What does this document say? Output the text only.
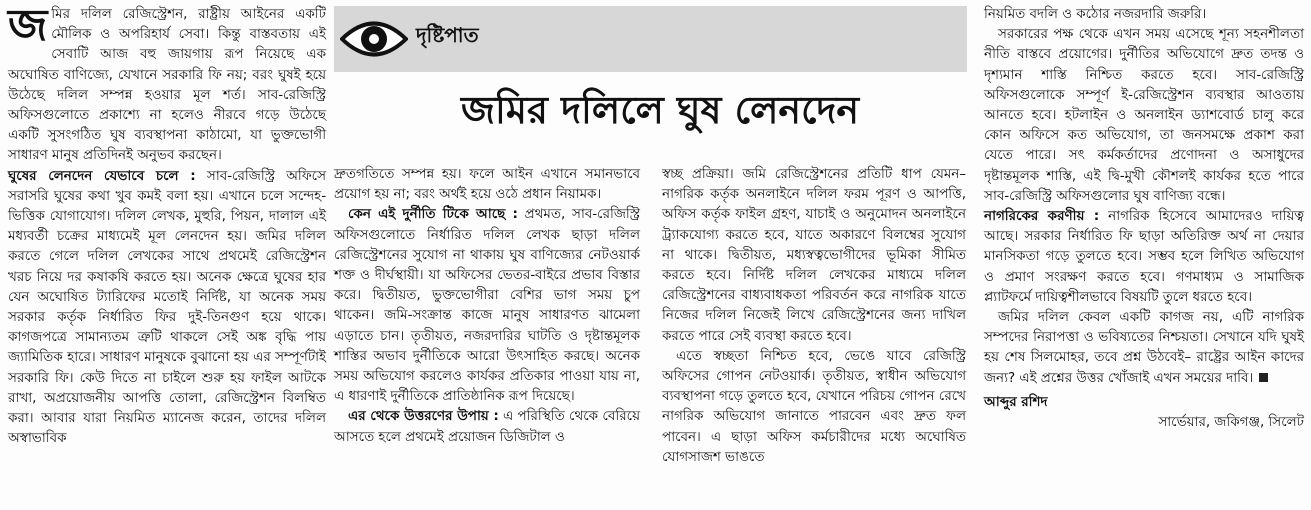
জমির দলিল রেজিস্ট্রেশন, রাষ্ট্রীয় আইনের একটি মৌলিক ও অপরিহার্য সেবা। কিন্তু বাস্তবতায় এই সেবাটি আজ বহু জায়গায় রূপ নিয়েছে এক অঘোষিত বাণিজ্যে, যেখানে সরকারি ফি নয়; বরং ঘুষই হয়ে উঠেছে দলিল সম্পন্ন হওয়ার মূল শর্ত। সাব-রেজিস্ট্রি অফিসগুলোতে প্রকাশ্যে না হলেও নীরবে গড়ে উঠেছে একটি সুসংগঠিত ঘুষ ব্যবস্থাপনা কাঠামো, যা ভুক্তভোগী সাধারণ মানুষ প্রতিদিনই অনুভব করছেন।

ঘুষের লেনদেন যেভাবে চলে : সাব-রেজিস্ট্রি অফিসে সরাসরি ঘুষের কথা খুব কমই বলা হয়। এখানে চলে সন্দেহ-ভিত্তিক যোগাযোগ। দলিল লেখক, মুহুরি, পিয়ন, দালাল এই মধ্যবর্তী চক্রের মাধ্যমেই মূল লেনদেন হয়। জমির দলিল করতে গেলে দলিল লেখকের সাথে প্রথমেই রেজিস্ট্রেশন খরচ নিয়ে দর কষাকষি করতে হয়। অনেক ক্ষেত্রে ঘুষের হার যেন অঘোষিত ট্যারিফের মতোই নির্দিষ্ট, যা অনেক সময় সরকার কর্তৃক নির্ধারিত ফির দুই-তিনগুণ হয়ে থাকে। কাগজপত্রে সামান্যতম ত্রুটি থাকলে সেই অঙ্ক বৃদ্ধি পায় জ্যামিতিক হারে। সাধারণ মানুষকে বুঝানো হয় এর সম্পূর্ণটাই সরকারি ফি। কেউ দিতে না চাইলে শুরু হয় ফাইল আটকে রাখা, অপ্রয়োজনীয় আপত্তি তোলা, রেজিস্ট্রেশন বিলম্বিত করা। আবার যারা নিয়মিত ম্যানেজ করেন, তাদের দলিল অস্বাভাবিক

দৃষ্টিপাত
জমির দলিলে ঘুষ লেনদেন

দ্রুতগতিতে সম্পন্ন হয়। ফলে আইন এখানে সমানভাবে প্রয়োগ হয় না; বরং অর্থই হয়ে ওঠে প্রধান নিয়ামক।

কেন এই দুর্নীতি টিকে আছে : প্রথমত, সাব-রেজিস্ট্রি অফিসগুলোতে নির্ধারিত দলিল লেখক ছাড়া দলিল রেজিস্ট্রেশনের সুযোগ না থাকায় ঘুষ বাণিজ্যের নেটওয়ার্ক শক্ত ও দীর্ঘস্থায়ী। যা অফিসের ভেতর-বাইরে প্রভাব বিস্তার করে। দ্বিতীয়ত, ভুক্তভোগীরা বেশির ভাগ সময় চুপ থাকেন। জমি-সংক্রান্ত কাজে মানুষ সাধারণত ঝামেলা এড়াতে চান। তৃতীয়ত, নজরদারির ঘাটতি ও দৃষ্টান্তমূলক শাস্তির অভাব দুর্নীতিকে আরো উৎসাহিত করছে। অনেক সময় অভিযোগ করলেও কার্যকর প্রতিকার পাওয়া যায় না, এ ধারণাই দুর্নীতিকে প্রাতিষ্ঠানিক রূপ দিয়েছে।

এর থেকে উত্তরণের উপায় : এ পরিস্থিতি থেকে বেরিয়ে আসতে হলে প্রথমেই প্রয়োজন ডিজিটাল ও

স্বচ্ছ প্রক্রিয়া। জমি রেজিস্ট্রেশনের প্রতিটি ধাপ যেমন– নাগরিক কর্তৃক অনলাইনে দলিল ফরম পূরণ ও আপত্তি, অফিস কর্তৃক ফাইল গ্রহণ, যাচাই ও অনুমোদন অনলাইনে ট্র্যাকযোগ্য করতে হবে, যাতে অকারণে বিলম্বের সুযোগ না থাকে। দ্বিতীয়ত, মধ্যস্বত্বভোগীদের ভূমিকা সীমিত করতে হবে। নির্দিষ্ট দলিল লেখকের মাধ্যমে দলিল রেজিস্ট্রেশনের বাধ্যবাধকতা পরিবর্তন করে নাগরিক যাতে নিজের দলিল নিজেই লিখে রেজিস্ট্রেশনের জন্য দাখিল করতে পারে সেই ব্যবস্থা করতে হবে।

এতে স্বচ্ছতা নিশ্চিত হবে, ভেঙে যাবে রেজিস্ট্রি অফিসের গোপন নেটওয়ার্ক। তৃতীয়ত, স্বাধীন অভিযোগ ব্যবস্থাপনা গড়ে তুলতে হবে, যেখানে পরিচয় গোপন রেখে নাগরিক অভিযোগ জানাতে পারবেন এবং দ্রুত ফল পাবেন। এ ছাড়া অফিস কর্মচারীদের মধ্যে অঘোষিত যোগসাজশ ভাঙতে

নিয়মিত বদলি ও কঠোর নজরদারি জরুরি।

সরকারের পক্ষ থেকে এখন সময় এসেছে শূন্য সহনশীলতা নীতি বাস্তবে প্রয়োগের। দুর্নীতির অভিযোগে দ্রুত তদন্ত ও দৃশ্যমান শাস্তি নিশ্চিত করতে হবে। সাব-রেজিস্ট্রি অফিসগুলোকে সম্পূর্ণ ই-রেজিস্ট্রেশন ব্যবস্থার আওতায় আনতে হবে। হটলাইন ও অনলাইন ড্যাশবোর্ড চালু করে কোন অফিসে কত অভিযোগ, তা জনসমক্ষে প্রকাশ করা যেতে পারে। সৎ কর্মকর্তাদের প্রণোদনা ও অসাধুদের দৃষ্টান্তমূলক শাস্তি, এই দ্বি-মুখী কৌশলই কার্যকর হতে পারে সাব-রেজিস্ট্রি অফিসগুলোর ঘুষ বাণিজ্য বন্ধে।

নাগরিকের করণীয় : নাগরিক হিসেবে আমাদেরও দায়িত্ব আছে। সরকার নির্ধারিত ফি ছাড়া অতিরিক্ত অর্থ না দেয়ার মানসিকতা গড়ে তুলতে হবে। সম্ভব হলে লিখিত অভিযোগ ও প্রমাণ সংরক্ষণ করতে হবে। গণমাধ্যম ও সামাজিক প্ল্যাটফর্মে দায়িত্বশীলভাবে বিষয়টি তুলে ধরতে হবে।

জমির দলিল কেবল একটি কাগজ নয়, এটি নাগরিক সম্পদের নিরাপত্তা ও ভবিষ্যতের নিশ্চয়তা। সেখানে যদি ঘুষই হয় শেষ সিলমোহর, তবে প্রশ্ন উঠবেই– রাষ্ট্রের আইন কাদের জন্য? এই প্রশ্নের উত্তর খোঁজাই এখন সময়ের দাবি।

আব্দুর রশিদ

সার্ভেয়ার, জকিগঞ্জ, সিলেট
